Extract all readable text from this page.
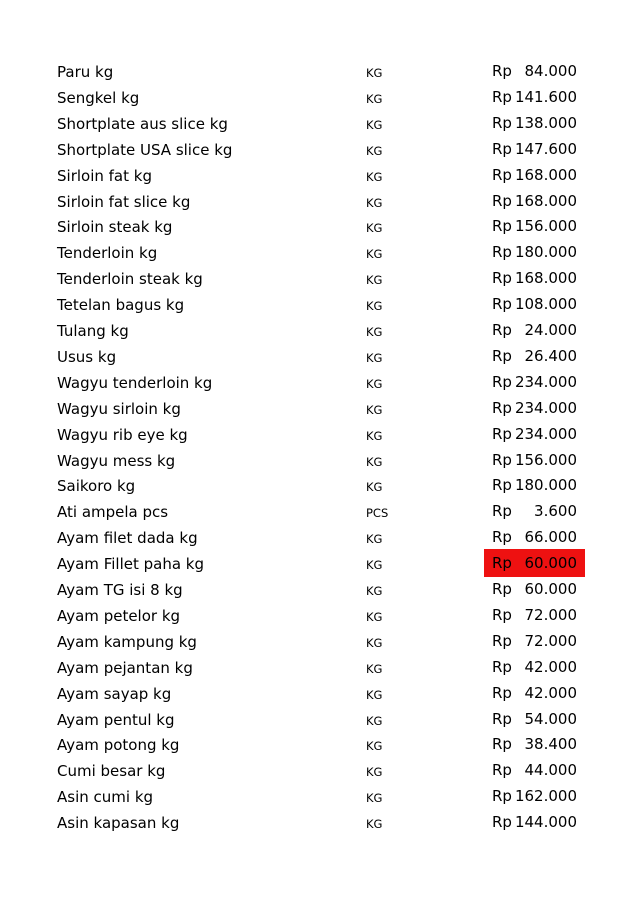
Paru kg	KG	Rp 84.000
Sengkel kg	KG	Rp 141.600
Shortplate aus slice kg	KG	Rp 138.000
Shortplate USA slice kg	KG	Rp 147.600
Sirloin fat kg	KG	Rp 168.000
Sirloin fat slice kg	KG	Rp 168.000
Sirloin steak kg	KG	Rp 156.000
Tenderloin kg	KG	Rp 180.000
Tenderloin steak kg	KG	Rp 168.000
Tetelan bagus kg	KG	Rp 108.000
Tulang kg	KG	Rp 24.000
Usus kg	KG	Rp 26.400
Wagyu tenderloin kg	KG	Rp 234.000
Wagyu sirloin kg	KG	Rp 234.000
Wagyu rib eye kg	KG	Rp 234.000
Wagyu mess kg	KG	Rp 156.000
Saikoro kg	KG	Rp 180.000
Ati ampela pcs	PCS	Rp 3.600
Ayam filet dada kg	KG	Rp 66.000
Ayam Fillet paha kg	KG	Rp 60.000
Ayam TG isi 8 kg	KG	Rp 60.000
Ayam petelor kg	KG	Rp 72.000
Ayam kampung kg	KG	Rp 72.000
Ayam pejantan kg	KG	Rp 42.000
Ayam sayap kg	KG	Rp 42.000
Ayam pentul kg	KG	Rp 54.000
Ayam potong kg	KG	Rp 38.400
Cumi besar kg	KG	Rp 44.000
Asin cumi kg	KG	Rp 162.000
Asin kapasan kg	KG	Rp 144.000
